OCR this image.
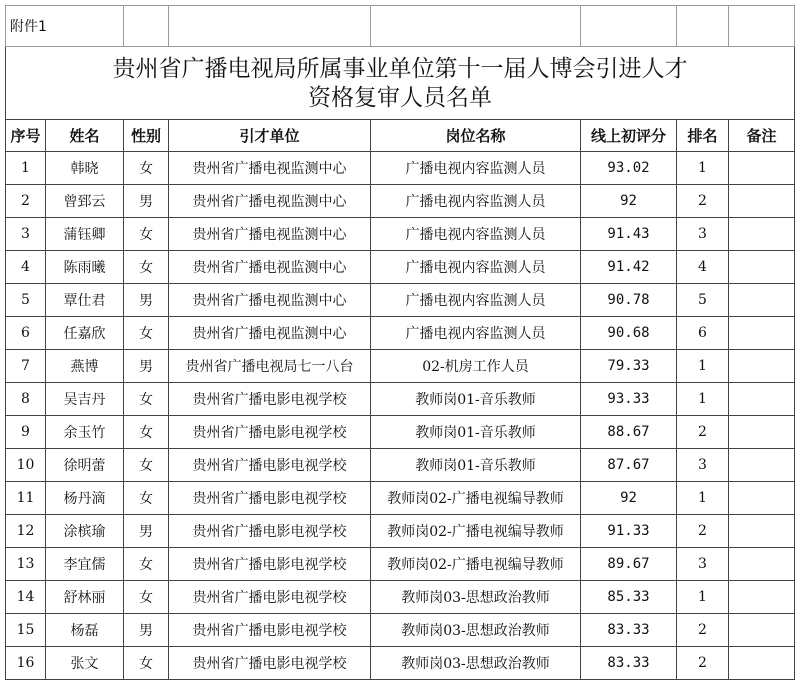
附件1							

贵州省广播电视局所属事业单位第十一届人博会引进人才
资格复审人员名单							

序号	姓名	性别	引才单位	岗位名称	线上初评分	排名	备注
1	韩晓	女	贵州省广播电视监测中心	广播电视内容监测人员	93.02	1	
2	曾郅云	男	贵州省广播电视监测中心	广播电视内容监测人员	92	2	
3	蒲钰卿	女	贵州省广播电视监测中心	广播电视内容监测人员	91.43	3	
4	陈雨曦	女	贵州省广播电视监测中心	广播电视内容监测人员	91.42	4	
5	覃仕君	男	贵州省广播电视监测中心	广播电视内容监测人员	90.78	5	
6	任嘉欣	女	贵州省广播电视监测中心	广播电视内容监测人员	90.68	6	
7	燕博	男	贵州省广播电视局七一八台	02-机房工作人员	79.33	1	
8	吴吉丹	女	贵州省广播电影电视学校	教师岗01-音乐教师	93.33	1	
9	余玉竹	女	贵州省广播电影电视学校	教师岗01-音乐教师	88.67	2	
10	徐明蕾	女	贵州省广播电影电视学校	教师岗01-音乐教师	87.67	3	
11	杨丹滴	女	贵州省广播电影电视学校	教师岗02-广播电视编导教师	92	1	
12	涂槟瑜	男	贵州省广播电影电视学校	教师岗02-广播电视编导教师	91.33	2	
13	李宜儒	女	贵州省广播电影电视学校	教师岗02-广播电视编导教师	89.67	3	
14	舒林丽	女	贵州省广播电影电视学校	教师岗03-思想政治教师	85.33	1	
15	杨磊	男	贵州省广播电影电视学校	教师岗03-思想政治教师	83.33	2	
16	张文	女	贵州省广播电影电视学校	教师岗03-思想政治教师	83.33	2	
